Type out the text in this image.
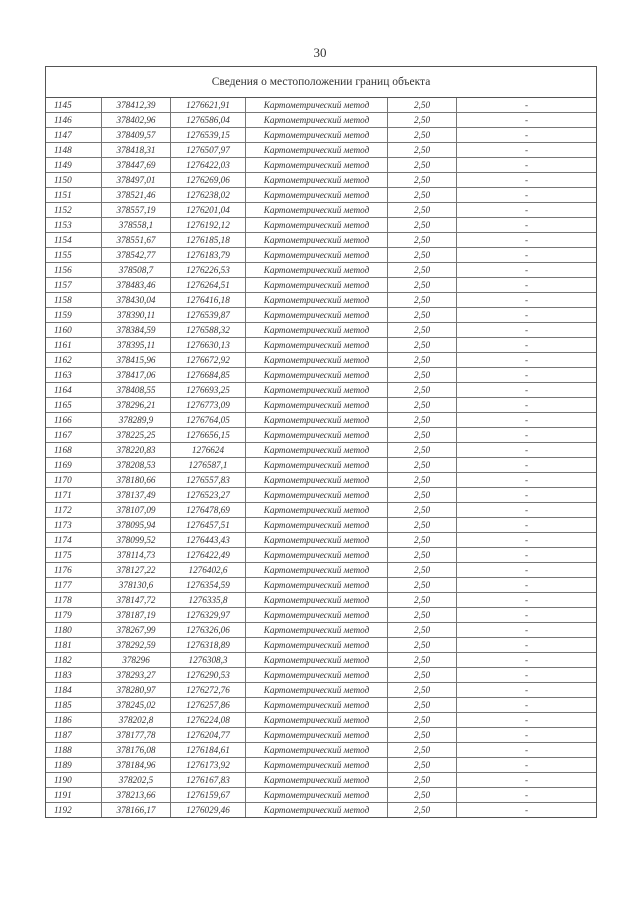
30
Сведения о местоположении границ объекта
1145	378412,39	1276621,91	Картометрический метод	2,50	-
1146	378402,96	1276586,04	Картометрический метод	2,50	-
1147	378409,57	1276539,15	Картометрический метод	2,50	-
1148	378418,31	1276507,97	Картометрический метод	2,50	-
1149	378447,69	1276422,03	Картометрический метод	2,50	-
1150	378497,01	1276269,06	Картометрический метод	2,50	-
1151	378521,46	1276238,02	Картометрический метод	2,50	-
1152	378557,19	1276201,04	Картометрический метод	2,50	-
1153	378558,1	1276192,12	Картометрический метод	2,50	-
1154	378551,67	1276185,18	Картометрический метод	2,50	-
1155	378542,77	1276183,79	Картометрический метод	2,50	-
1156	378508,7	1276226,53	Картометрический метод	2,50	-
1157	378483,46	1276264,51	Картометрический метод	2,50	-
1158	378430,04	1276416,18	Картометрический метод	2,50	-
1159	378390,11	1276539,87	Картометрический метод	2,50	-
1160	378384,59	1276588,32	Картометрический метод	2,50	-
1161	378395,11	1276630,13	Картометрический метод	2,50	-
1162	378415,96	1276672,92	Картометрический метод	2,50	-
1163	378417,06	1276684,85	Картометрический метод	2,50	-
1164	378408,55	1276693,25	Картометрический метод	2,50	-
1165	378296,21	1276773,09	Картометрический метод	2,50	-
1166	378289,9	1276764,05	Картометрический метод	2,50	-
1167	378225,25	1276656,15	Картометрический метод	2,50	-
1168	378220,83	1276624	Картометрический метод	2,50	-
1169	378208,53	1276587,1	Картометрический метод	2,50	-
1170	378180,66	1276557,83	Картометрический метод	2,50	-
1171	378137,49	1276523,27	Картометрический метод	2,50	-
1172	378107,09	1276478,69	Картометрический метод	2,50	-
1173	378095,94	1276457,51	Картометрический метод	2,50	-
1174	378099,52	1276443,43	Картометрический метод	2,50	-
1175	378114,73	1276422,49	Картометрический метод	2,50	-
1176	378127,22	1276402,6	Картометрический метод	2,50	-
1177	378130,6	1276354,59	Картометрический метод	2,50	-
1178	378147,72	1276335,8	Картометрический метод	2,50	-
1179	378187,19	1276329,97	Картометрический метод	2,50	-
1180	378267,99	1276326,06	Картометрический метод	2,50	-
1181	378292,59	1276318,89	Картометрический метод	2,50	-
1182	378296	1276308,3	Картометрический метод	2,50	-
1183	378293,27	1276290,53	Картометрический метод	2,50	-
1184	378280,97	1276272,76	Картометрический метод	2,50	-
1185	378245,02	1276257,86	Картометрический метод	2,50	-
1186	378202,8	1276224,08	Картометрический метод	2,50	-
1187	378177,78	1276204,77	Картометрический метод	2,50	-
1188	378176,08	1276184,61	Картометрический метод	2,50	-
1189	378184,96	1276173,92	Картометрический метод	2,50	-
1190	378202,5	1276167,83	Картометрический метод	2,50	-
1191	378213,66	1276159,67	Картометрический метод	2,50	-
1192	378166,17	1276029,46	Картометрический метод	2,50	-
